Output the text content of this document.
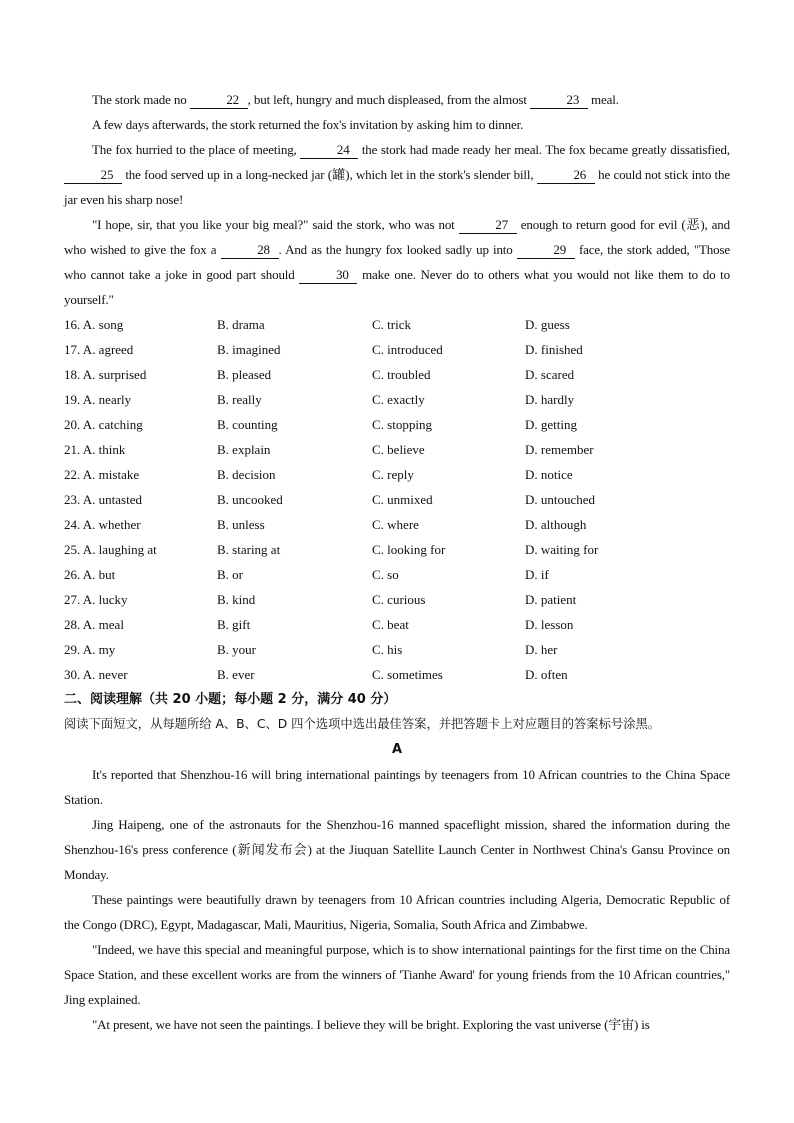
The stork made no	22 , but left, hungry and much displeased, from the almost	23 meal.

A few days afterwards, the stork returned the fox's invitation by asking him to dinner.

The fox hurried to the place of meeting,	24 the stork had made ready her meal. The fox became greatly dissatisfied, 25 the food served up in a long-necked jar (罐), which let in the stork's slender bill,	26 he could not stick into the jar even his sharp nose!

"I hope, sir, that you like your big meal?" said the stork, who was not	27 enough to return good for evil (恶), and who wished to give the fox a	28 . And as the hungry fox looked sadly up into	29 face, the stork added, "Those who cannot take a joke in good part should	30 make one. Never do to others what you would not like them to do to yourself."

16. A. song	B. drama	C. trick	D. guess
17. A. agreed	B. imagined	C. introduced	D. finished
18. A. surprised	B. pleased	C. troubled	D. scared
19. A. nearly	B. really	C. exactly	D. hardly
20. A. catching	B. counting	C. stopping	D. getting
21. A. think	B. explain	C. believe	D. remember
22. A. mistake	B. decision	C. reply	D. notice
23. A. untasted	B. uncooked	C. unmixed	D. untouched
24. A. whether	B. unless	C. where	D. although
25. A. laughing at	B. staring at	C. looking for	D. waiting for
26. A. but	B. or	C. so	D. if
27. A. lucky	B. kind	C. curious	D. patient
28. A. meal	B. gift	C. beat	D. lesson
29. A. my	B. your	C. his	D. her
30. A. never	B. ever	C. sometimes	D. often
二、阅读理解（共 20 小题；每小题 2 分，满分 40 分）
阅读下面短文，从每题所给 A、B、C、D 四个选项中选出最佳答案，并把答题卡上对应题目的答案标号涂黑。
A

It's reported that Shenzhou-16 will bring international paintings by teenagers from 10 African countries to the China Space Station.

Jing Haipeng, one of the astronauts for the Shenzhou-16 manned spaceflight mission, shared the information during the Shenzhou-16's press conference (新闻发布会) at the Jiuquan Satellite Launch Center in Northwest China's Gansu Province on Monday.

These paintings were beautifully drawn by teenagers from 10 African countries including Algeria, Democratic Republic of the Congo (DRC), Egypt, Madagascar, Mali, Mauritius, Nigeria, Somalia, South Africa and Zimbabwe.

"Indeed, we have this special and meaningful purpose, which is to show international paintings for the first time on the China Space Station, and these excellent works are from the winners of 'Tianhe Award' for young friends from the 10 African countries," Jing explained.

"At present, we have not seen the paintings. I believe they will be bright. Exploring the vast universe (宇宙) is
